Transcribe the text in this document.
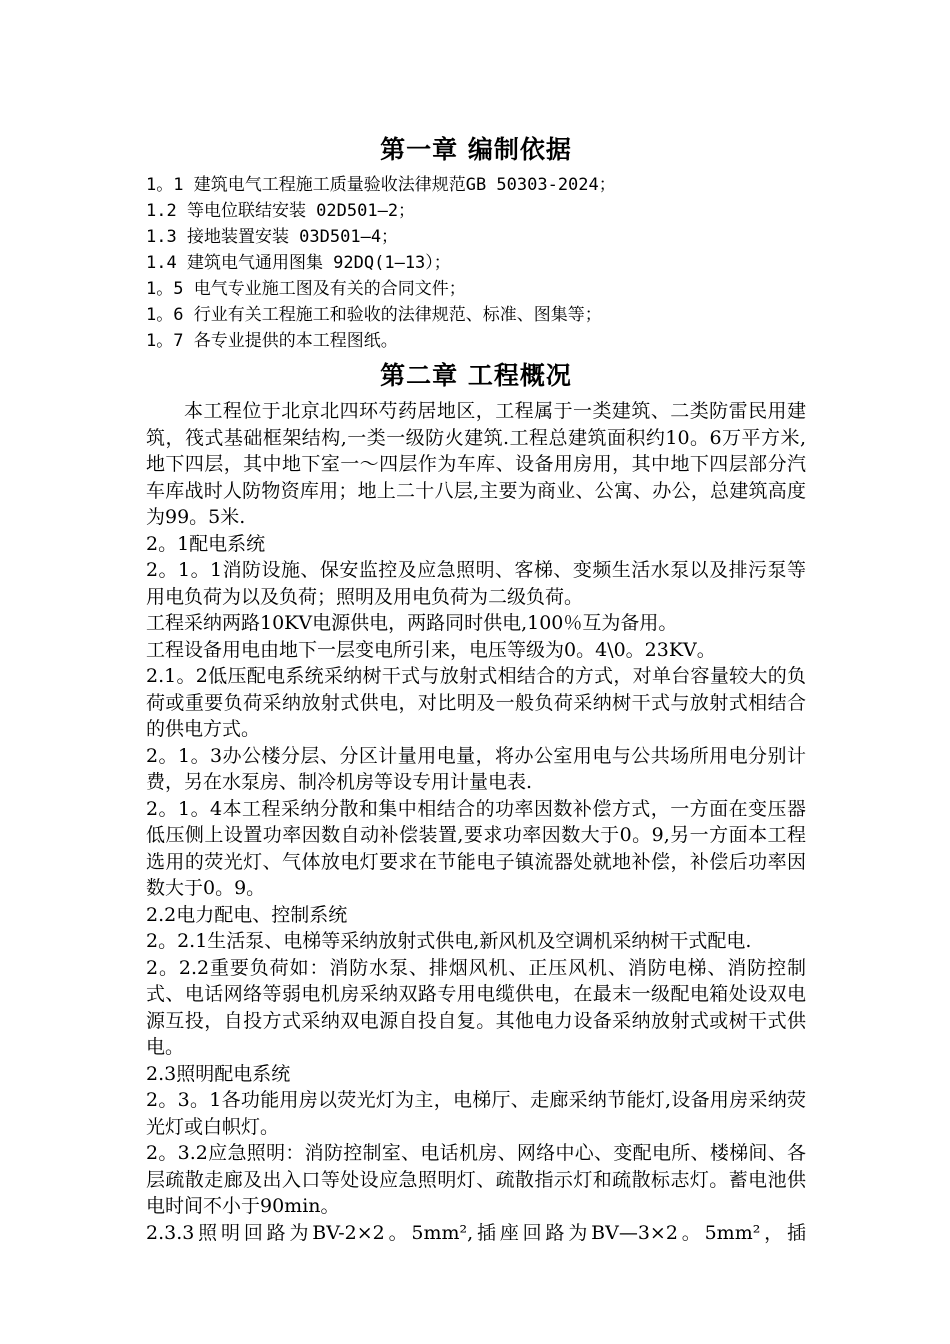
第一章 编制依据
1。1 建筑电气工程施工质量验收法律规范GB 50303-2024；
1.2 等电位联结安装 02D501—2；
1.3 接地装置安装 03D501—4；
1.4 建筑电气通用图集 92DQ(1—13）；
1。5 电气专业施工图及有关的合同文件；
1。6 行业有关工程施工和验收的法律规范、标准、图集等；
1。7 各专业提供的本工程图纸。
第二章 工程概况

本工程位于北京北四环芍药居地区，工程属于一类建筑、二类防雷民用建筑，筏式基础框架结构,一类一级防火建筑.工程总建筑面积约10。6万平方米,地下四层，其中地下室一～四层作为车库、设备用房用，其中地下四层部分汽车库战时人防物资库用；地上二十八层,主要为商业、公寓、办公，总建筑高度为99。5米.

2。1配电系统

2。1。1消防设施、保安监控及应急照明、客梯、变频生活水泵以及排污泵等用电负荷为以及负荷；照明及用电负荷为二级负荷。

工程采纳两路10KV电源供电，两路同时供电,100％互为备用。

工程设备用电由地下一层变电所引来，电压等级为0。4\0。23KV。

2.1。2低压配电系统采纳树干式与放射式相结合的方式，对单台容量较大的负荷或重要负荷采纳放射式供电，对比明及一般负荷采纳树干式与放射式相结合的供电方式。

2。1。3办公楼分层、分区计量用电量，将办公室用电与公共场所用电分别计费，另在水泵房、制冷机房等设专用计量电表.

2。1。4本工程采纳分散和集中相结合的功率因数补偿方式，一方面在变压器低压侧上设置功率因数自动补偿装置,要求功率因数大于0。9,另一方面本工程选用的荧光灯、气体放电灯要求在节能电子镇流器处就地补偿，补偿后功率因数大于0。9。

2.2电力配电、控制系统

2。2.1生活泵、电梯等采纳放射式供电,新风机及空调机采纳树干式配电.

2。2.2重要负荷如：消防水泵、排烟风机、正压风机、消防电梯、消防控制式、电话网络等弱电机房采纳双路专用电缆供电，在最末一级配电箱处设双电源互投，自投方式采纳双电源自投自复。其他电力设备采纳放射式或树干式供电。

2.3照明配电系统

2。3。1各功能用房以荧光灯为主，电梯厅、走廊采纳节能灯,设备用房采纳荧光灯或白帜灯。

2。3.2应急照明：消防控制室、电话机房、网络中心、变配电所、楼梯间、各层疏散走廊及出入口等处设应急照明灯、疏散指示灯和疏散标志灯。蓄电池供电时间不小于90min。

2.3.3照明回路为BV-2×2。5mm²,插座回路为BV—3×2。5mm²，插
